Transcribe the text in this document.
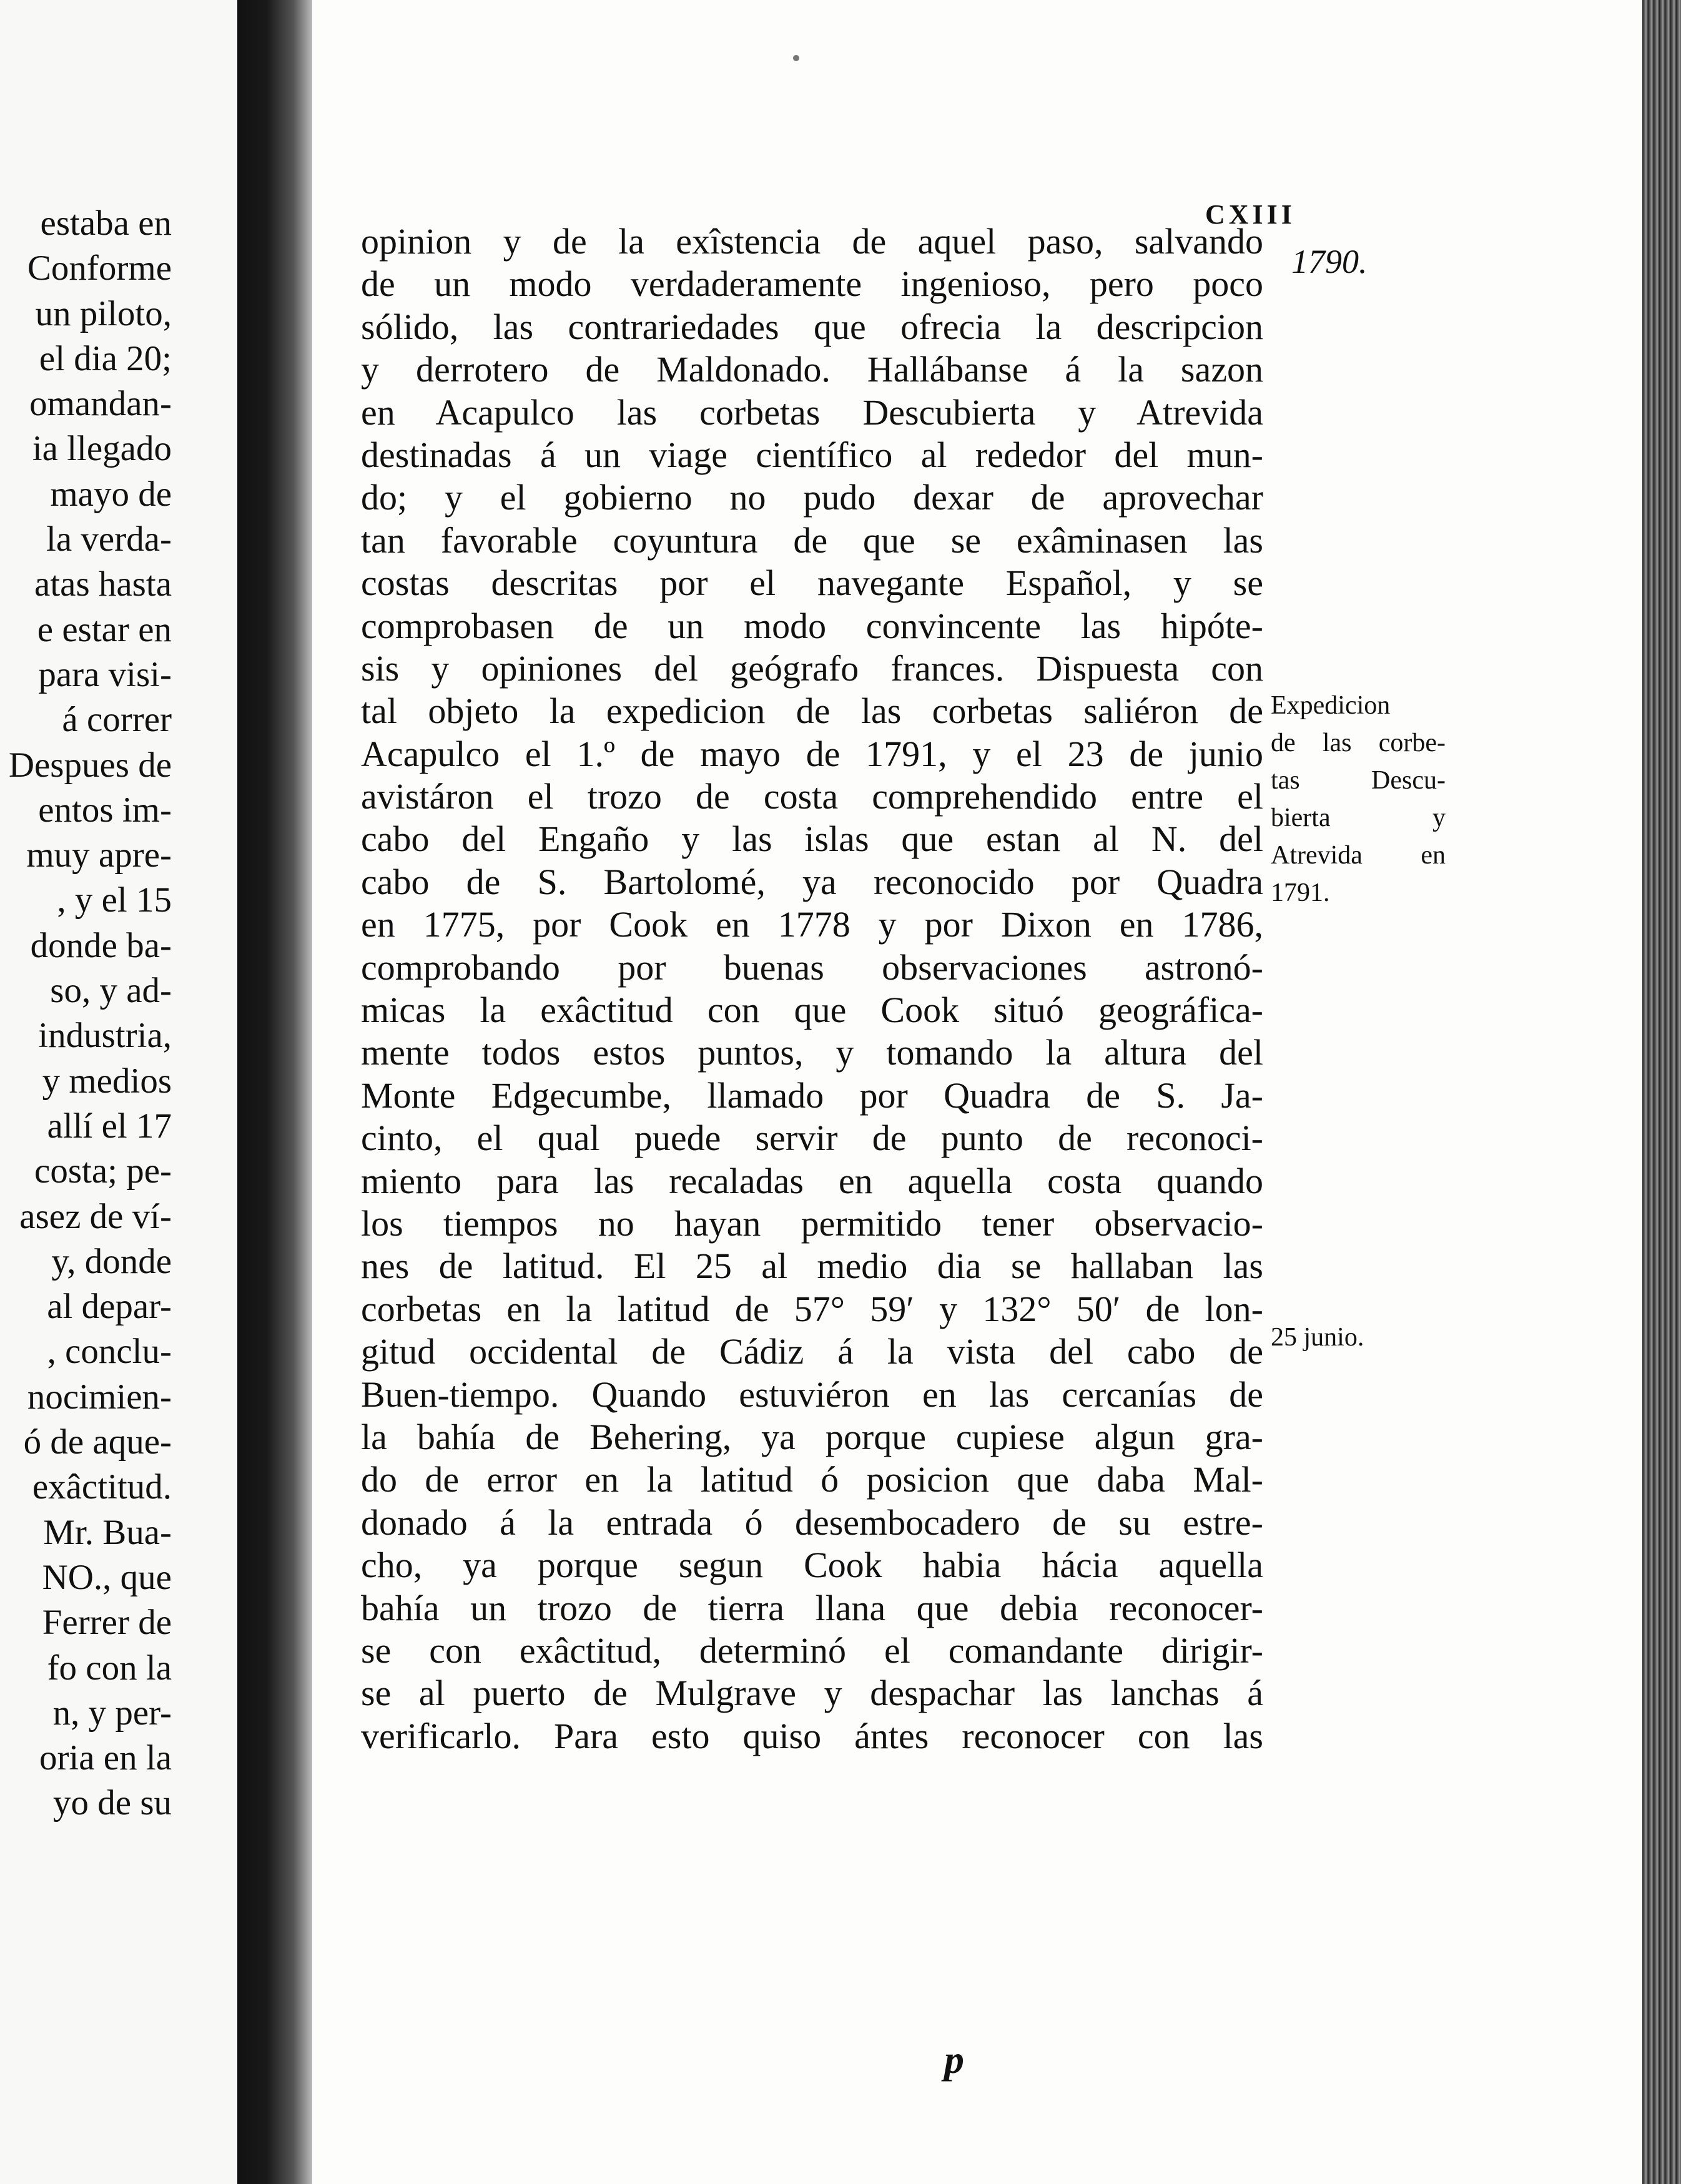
estaba en
Conforme
un piloto,
el dia 20;
omandan-
ia llegado
mayo de
la verda-
atas hasta
e estar en
para visi-
á correr
Despues de
entos im-
muy apre-
, y el 15
donde ba-
so, y ad-
industria,
y medios
allí el 17
costa; pe-
asez de ví-
y, donde
al depar-
, conclu-
nocimien-
ó de aque-
exâctitud.
Mr. Bua-
NO., que
Ferrer de
fo con la
n, y per-
oria en la
yo de su
CXIII
1790.
opinion y de la exîstencia de aquel paso, salvando
de un modo verdaderamente ingenioso, pero poco
sólido, las contrariedades que ofrecia la descripcion
y derrotero de Maldonado. Hallábanse á la sazon
en Acapulco las corbetas Descubierta y Atrevida
destinadas á un viage científico al rededor del mun-
do; y el gobierno no pudo dexar de aprovechar
tan favorable coyuntura de que se exâminasen las
costas descritas por el navegante Español, y se
comprobasen de un modo convincente las hipóte-
sis y opiniones del geógrafo frances. Dispuesta con
tal objeto la expedicion de las corbetas saliéron de
Acapulco el 1.º de mayo de 1791, y el 23 de junio
avistáron el trozo de costa comprehendido entre el
cabo del Engaño y las islas que estan al N. del
cabo de S. Bartolomé, ya reconocido por Quadra
en 1775, por Cook en 1778 y por Dixon en 1786,
comprobando por buenas observaciones astronó-
micas la exâctitud con que Cook situó geográfica-
mente todos estos puntos, y tomando la altura del
Monte Edgecumbe, llamado por Quadra de S. Ja-
cinto, el qual puede servir de punto de reconoci-
miento para las recaladas en aquella costa quando
los tiempos no hayan permitido tener observacio-
nes de latitud. El 25 al medio dia se hallaban las
corbetas en la latitud de 57° 59′ y 132° 50′ de lon-
gitud occidental de Cádiz á la vista del cabo de
Buen-tiempo. Quando estuviéron en las cercanías de
la bahía de Behering, ya porque cupiese algun gra-
do de error en la latitud ó posicion que daba Mal-
donado á la entrada ó desembocadero de su estre-
cho, ya porque segun Cook habia hácia aquella
bahía un trozo de tierra llana que debia reconocer-
se con exâctitud, determinó el comandante dirigir-
se al puerto de Mulgrave y despachar las lanchas á
verificarlo. Para esto quiso ántes reconocer con las
Expedicion
de las corbe-
tas Descu-
bierta y
Atrevida en
1791.
25 junio.
p
